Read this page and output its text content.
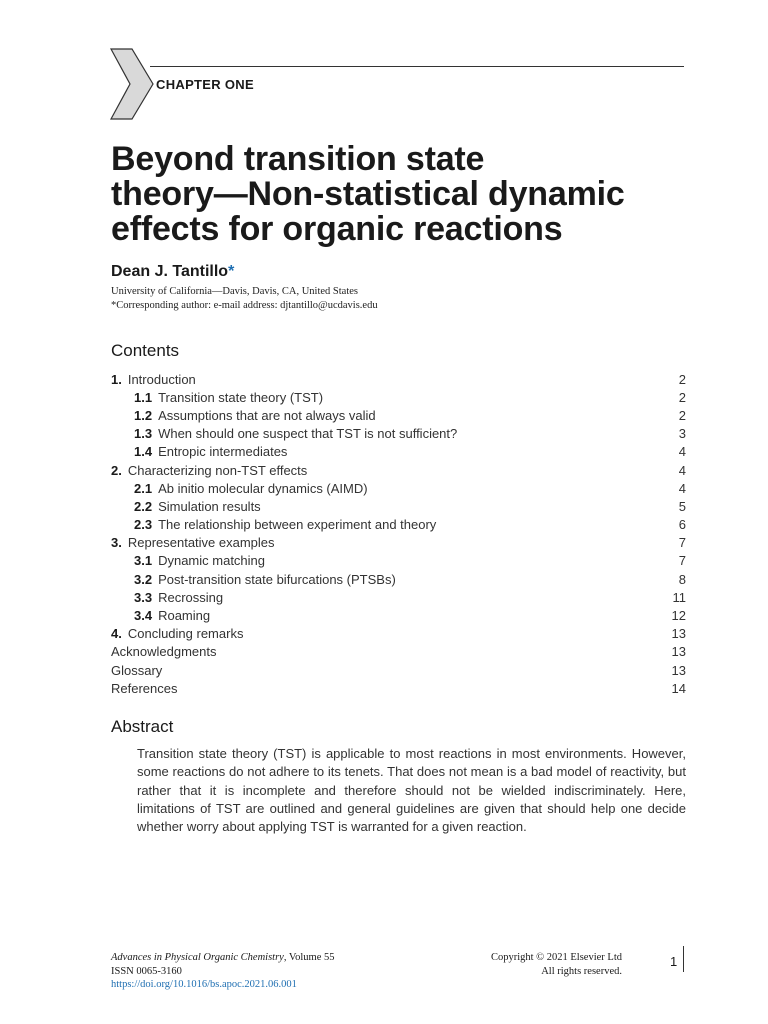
CHAPTER ONE
Beyond transition state
theory—Non-statistical dynamic
effects for organic reactions
Dean J. Tantillo*
University of California—Davis, Davis, CA, United States
*Corresponding author: e-mail address: djtantillo@ucdavis.edu
Contents
1. Introduction	2
1.1 Transition state theory (TST)	2
1.2 Assumptions that are not always valid	2
1.3 When should one suspect that TST is not sufficient?	3
1.4 Entropic intermediates	4
2. Characterizing non-TST effects	4
2.1 Ab initio molecular dynamics (AIMD)	4
2.2 Simulation results	5
2.3 The relationship between experiment and theory	6
3. Representative examples	7
3.1 Dynamic matching	7
3.2 Post-transition state bifurcations (PTSBs)	8
3.3 Recrossing	11
3.4 Roaming	12
4. Concluding remarks	13
Acknowledgments	13
Glossary	13
References	14
Abstract

Transition state theory (TST) is applicable to most reactions in most environments. However, some reactions do not adhere to its tenets. That does not mean is a bad model of reactivity, but rather that it is incomplete and therefore should not be wielded indiscriminately. Here, limitations of TST are outlined and general guidelines are given that should help one decide whether worry about applying TST is warranted for a given reaction.

Advances in Physical Organic Chemistry, Volume 55
ISSN 0065-3160
https://doi.org/10.1016/bs.apoc.2021.06.001
Copyright © 2021 Elsevier Ltd
All rights reserved.
1
